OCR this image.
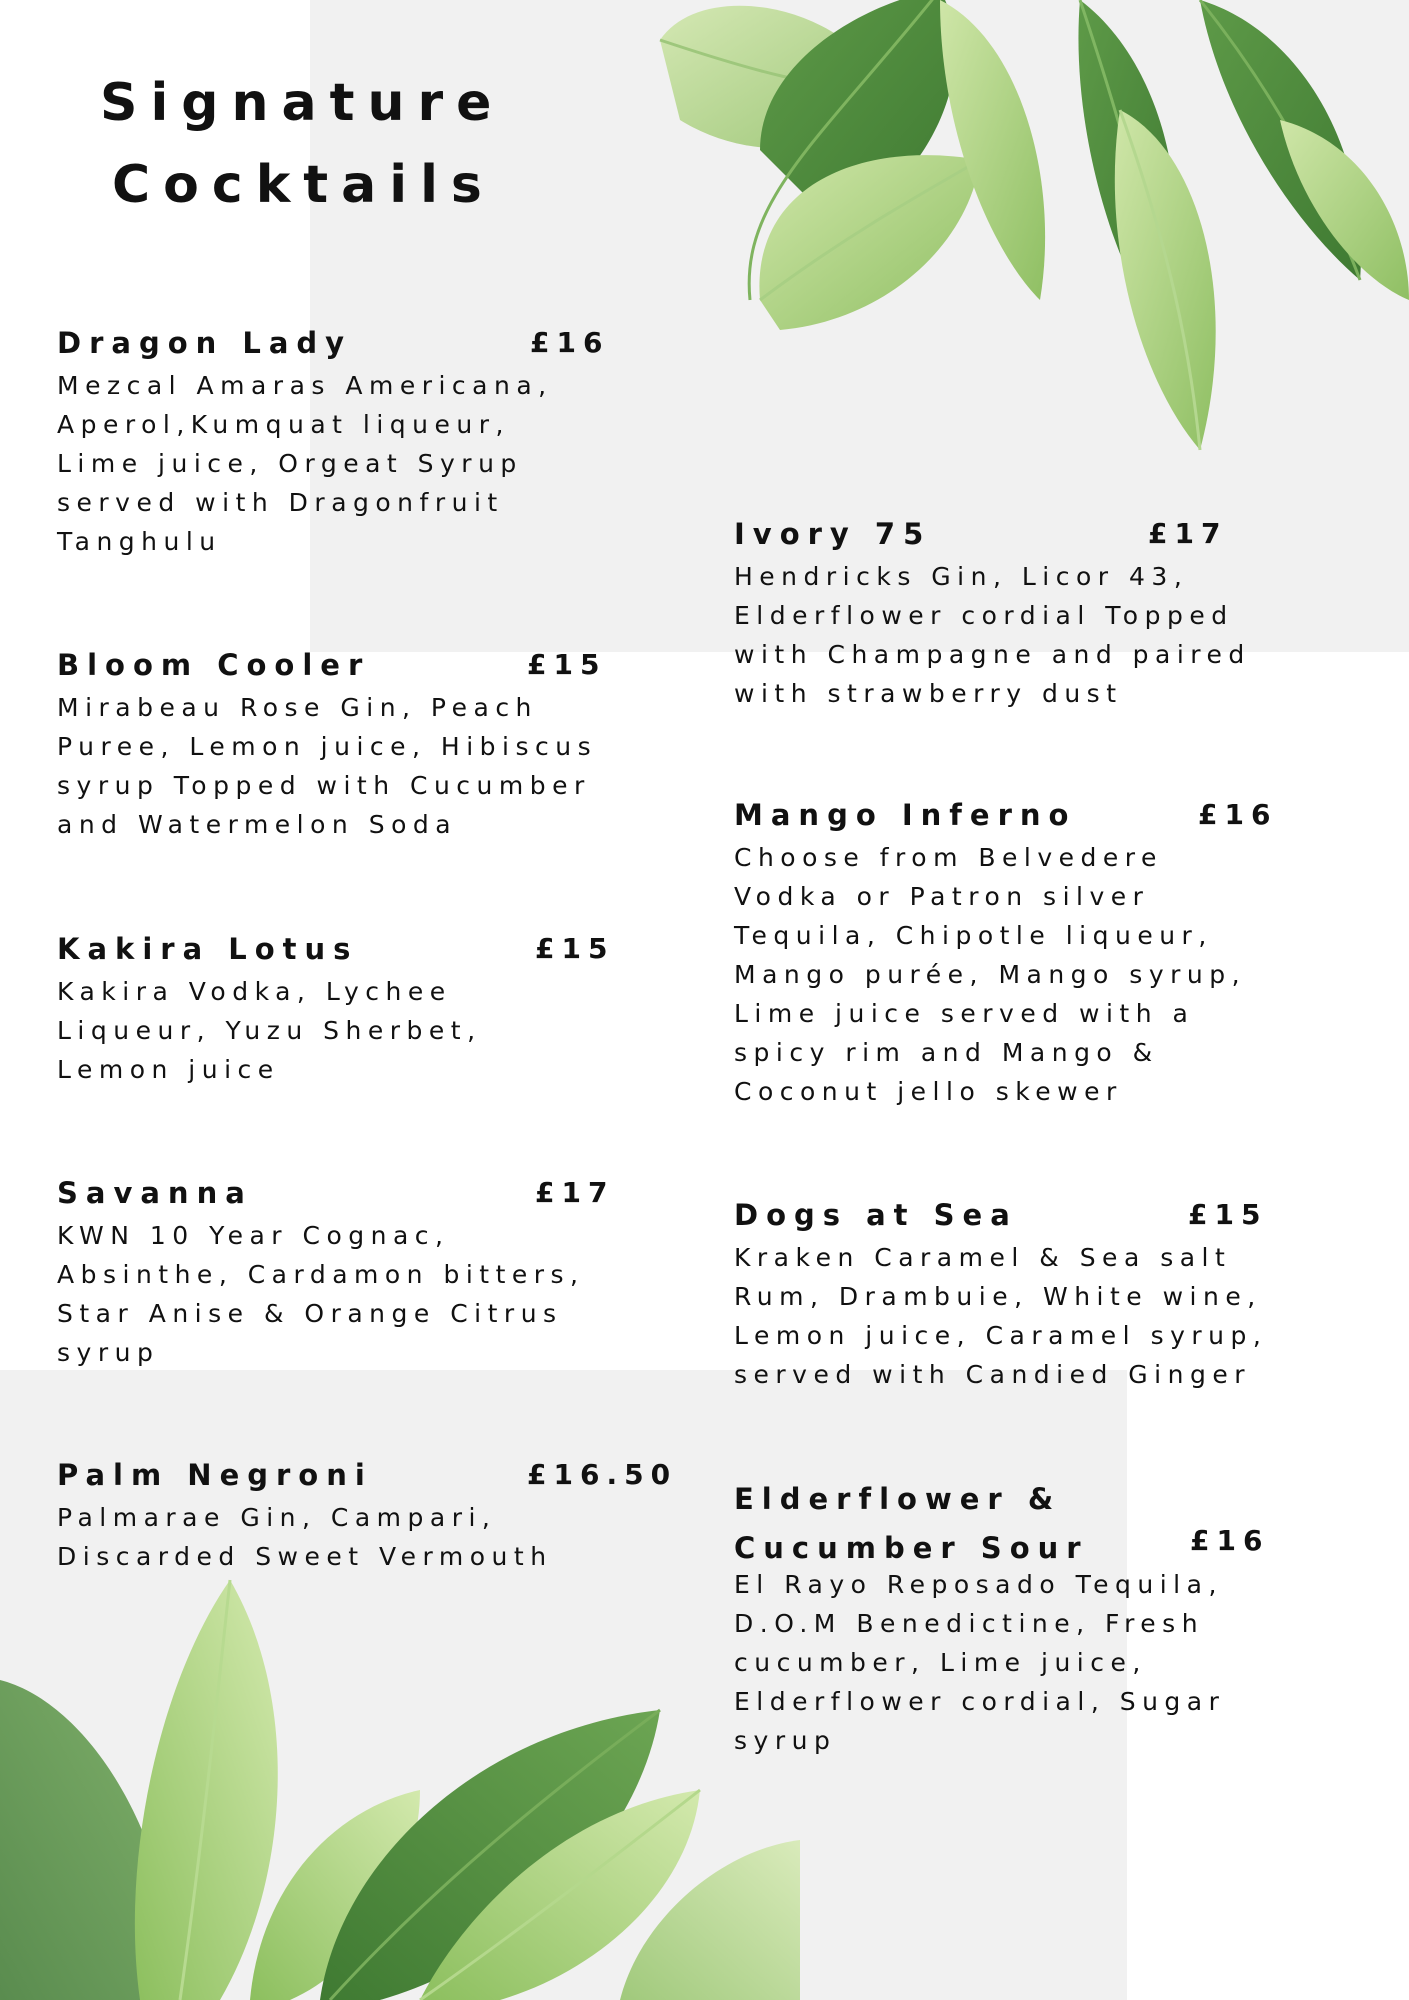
Signature
Cocktails
Dragon Lady	£16

Mezcal Amaras Americana,
Aperol,Kumquat liqueur,
Lime juice, Orgeat Syrup
served with Dragonfruit
Tanghulu

Bloom Cooler	£15

Mirabeau Rose Gin, Peach
Puree, Lemon juice, Hibiscus
syrup Topped with Cucumber
and Watermelon Soda

Kakira Lotus	£15

Kakira Vodka, Lychee
Liqueur, Yuzu Sherbet,
Lemon juice

Savanna	£17

KWN 10 Year Cognac,
Absinthe, Cardamon bitters,
Star Anise & Orange Citrus
syrup

Palm Negroni	£16.50

Palmarae Gin, Campari,
Discarded Sweet Vermouth

Ivory 75	£17

Hendricks Gin, Licor 43,
Elderflower cordial Topped
with Champagne and paired
with strawberry dust

Mango Inferno	£16

Choose from Belvedere
Vodka or Patron silver
Tequila, Chipotle liqueur,
Mango purée, Mango syrup,
Lime juice served with a
spicy rim and Mango &
Coconut jello skewer

Dogs at Sea	£15

Kraken Caramel & Sea salt
Rum, Drambuie, White wine,
Lemon juice, Caramel syrup,
served with Candied Ginger

Elderflower &
Cucumber Sour	£16

El Rayo Reposado Tequila,
D.O.M Benedictine, Fresh
cucumber, Lime juice,
Elderflower cordial, Sugar
syrup
